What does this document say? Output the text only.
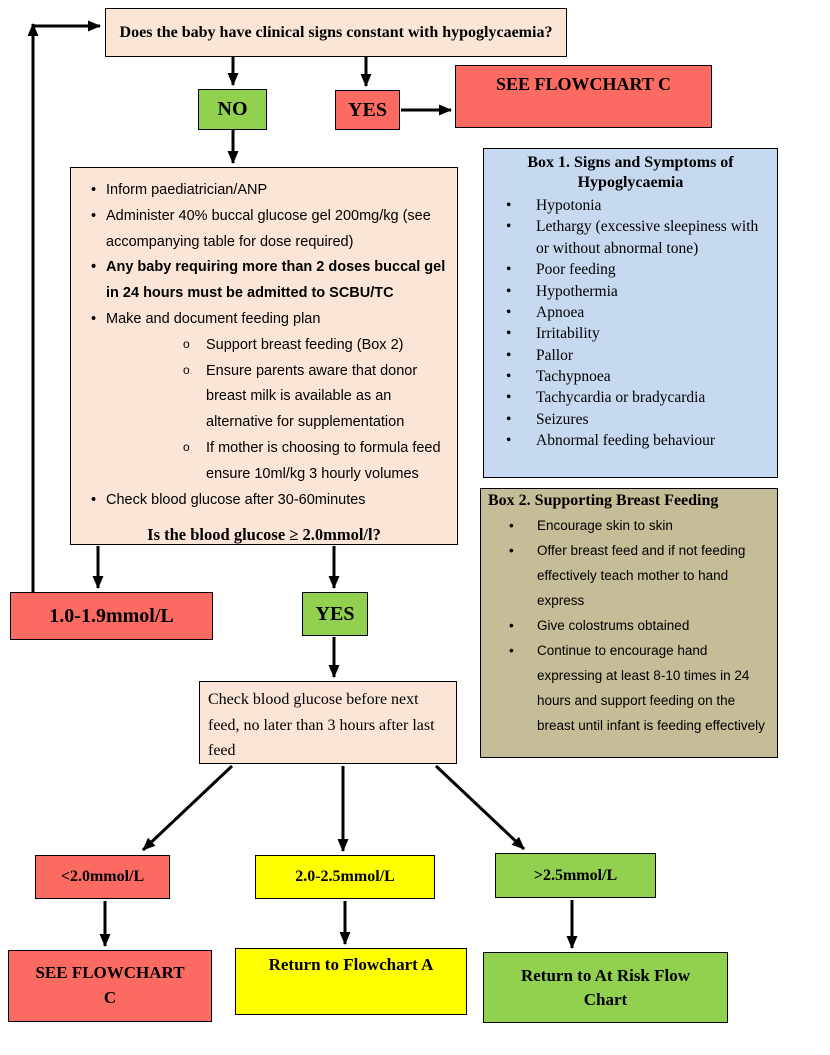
Does the baby have clinical signs constant with hypoglycaemia?
NO	YES
SEE FLOWCHART C
• Inform paediatrician/ANP
• Administer 40% buccal glucose gel 200mg/kg (see accompanying table for dose required)
• Any baby requiring more than 2 doses buccal gel in 24 hours must be admitted to SCBU/TC
• Make and document feeding plan
o Support breast feeding (Box 2)
o Ensure parents aware that donor breast milk is available as an alternative for supplementation
o If mother is choosing to formula feed ensure 10ml/kg 3 hourly volumes
• Check blood glucose after 30-60minutes
Is the blood glucose ≥ 2.0mmol/l?
Box 1. Signs and Symptoms of Hypoglycaemia
• Hypotonia
• Lethargy (excessive sleepiness with or without abnormal tone)
• Poor feeding
• Hypothermia
• Apnoea
• Irritability
• Pallor
• Tachypnoea
• Tachycardia or bradycardia
• Seizures
• Abnormal feeding behaviour
Box 2. Supporting Breast Feeding
• Encourage skin to skin
• Offer breast feed and if not feeding effectively teach mother to hand express
• Give colostrums obtained
• Continue to encourage hand expressing at least 8-10 times in 24 hours and support feeding on the breast until infant is feeding effectively
1.0-1.9mmol/L	YES
Check blood glucose before next feed, no later than 3 hours after last feed
<2.0mmol/L	2.0-2.5mmol/L	>2.5mmol/L
SEE FLOWCHART C
Return to Flowchart A
Return to At Risk Flow Chart
